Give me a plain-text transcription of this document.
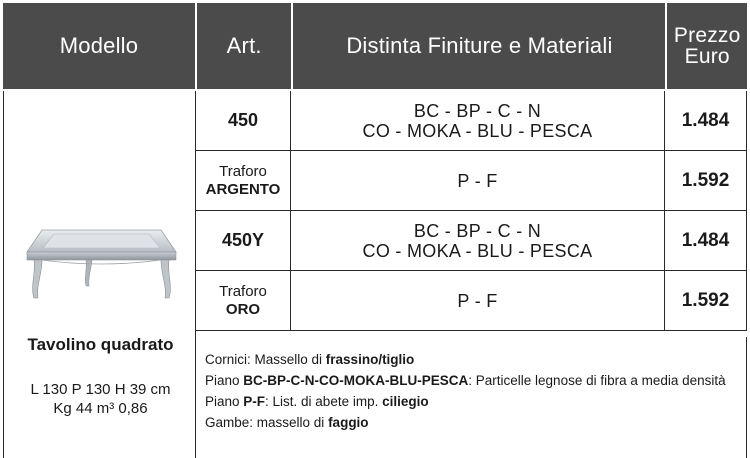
Modello	Art.	Distinta Finiture e Materiali	Prezzo
Euro
Tavolino quadrato
L 130 P 130 H 39 cm
Kg 44 m³ 0,86
450	BC - BP - C - N
CO - MOKA - BLU - PESCA	1.484
Traforo
ARGENTO	P - F	1.592
450Y	BC - BP - C - N
CO - MOKA - BLU - PESCA	1.484
Traforo
ORO	P - F	1.592
Cornici: Massello di frassino/tiglio
Piano BC-BP-C-N-CO-MOKA-BLU-PESCA: Particelle legnose di fibra a media densità
Piano P-F: List. di abete imp. ciliegio
Gambe: massello di faggio
